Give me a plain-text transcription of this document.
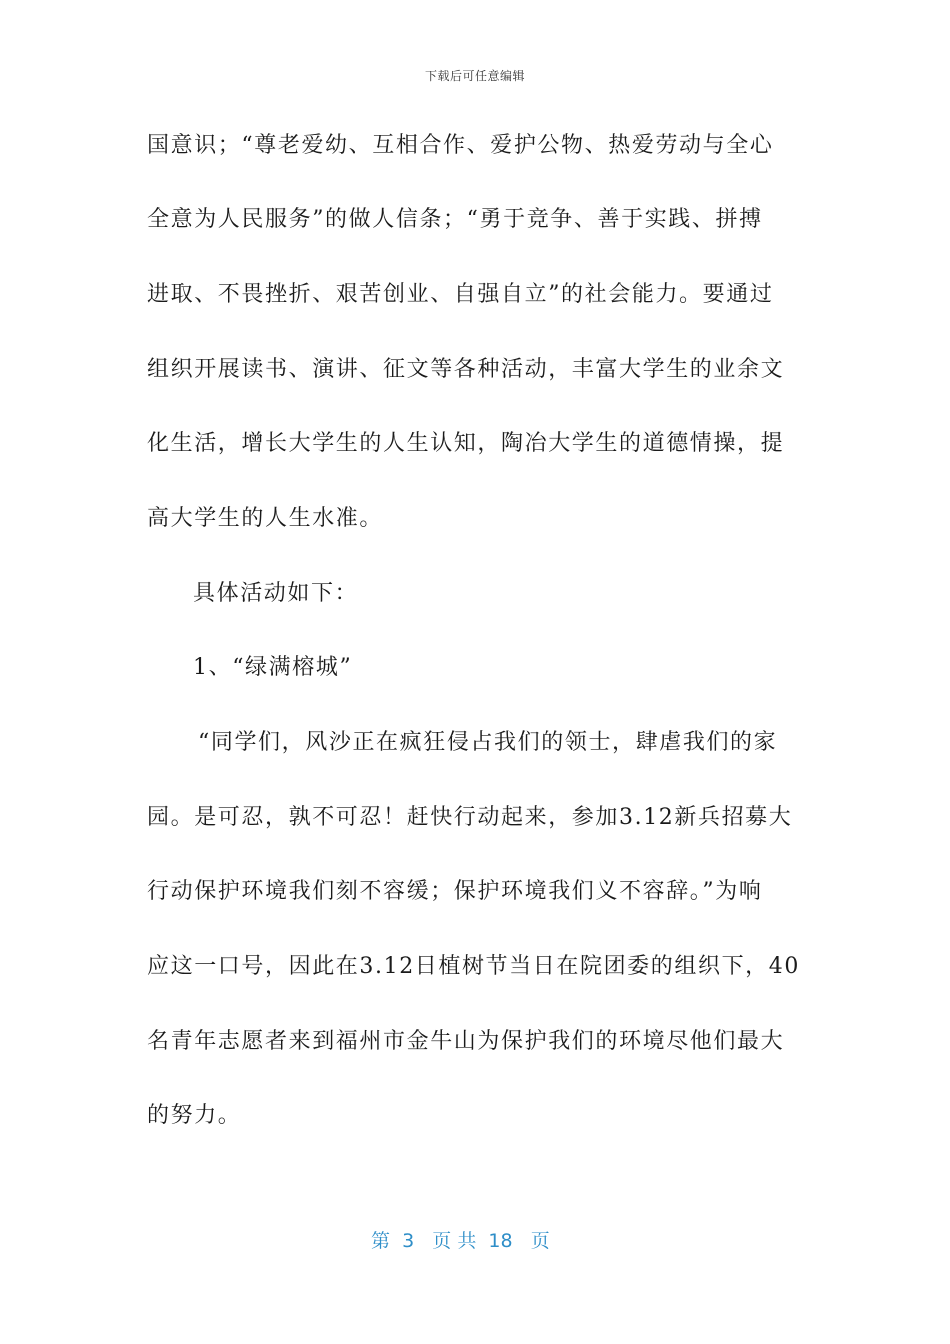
下载后可任意编辑
国意识；“尊老爱幼、互相合作、爱护公物、热爱劳动与全心
全意为人民服务”的做人信条；“勇于竞争、善于实践、拼搏
进取、不畏挫折、艰苦创业、自强自立”的社会能力。要通过
组织开展读书、演讲、征文等各种活动，丰富大学生的业余文
化生活，增长大学生的人生认知，陶冶大学生的道德情操，提
高大学生的人生水准。
具体活动如下：
1、“绿满榕城”
“同学们，风沙正在疯狂侵占我们的领士，肆虐我们的家
园。是可忍，孰不可忍！赶快行动起来，参加3.12新兵招募大
行动保护环境我们刻不容缓；保护环境我们义不容辞。”为响
应这一口号，因此在3.12日植树节当日在院团委的组织下，40
名青年志愿者来到福州市金牛山为保护我们的环境尽他们最大
的努力。
第  3   页 共  18   页
